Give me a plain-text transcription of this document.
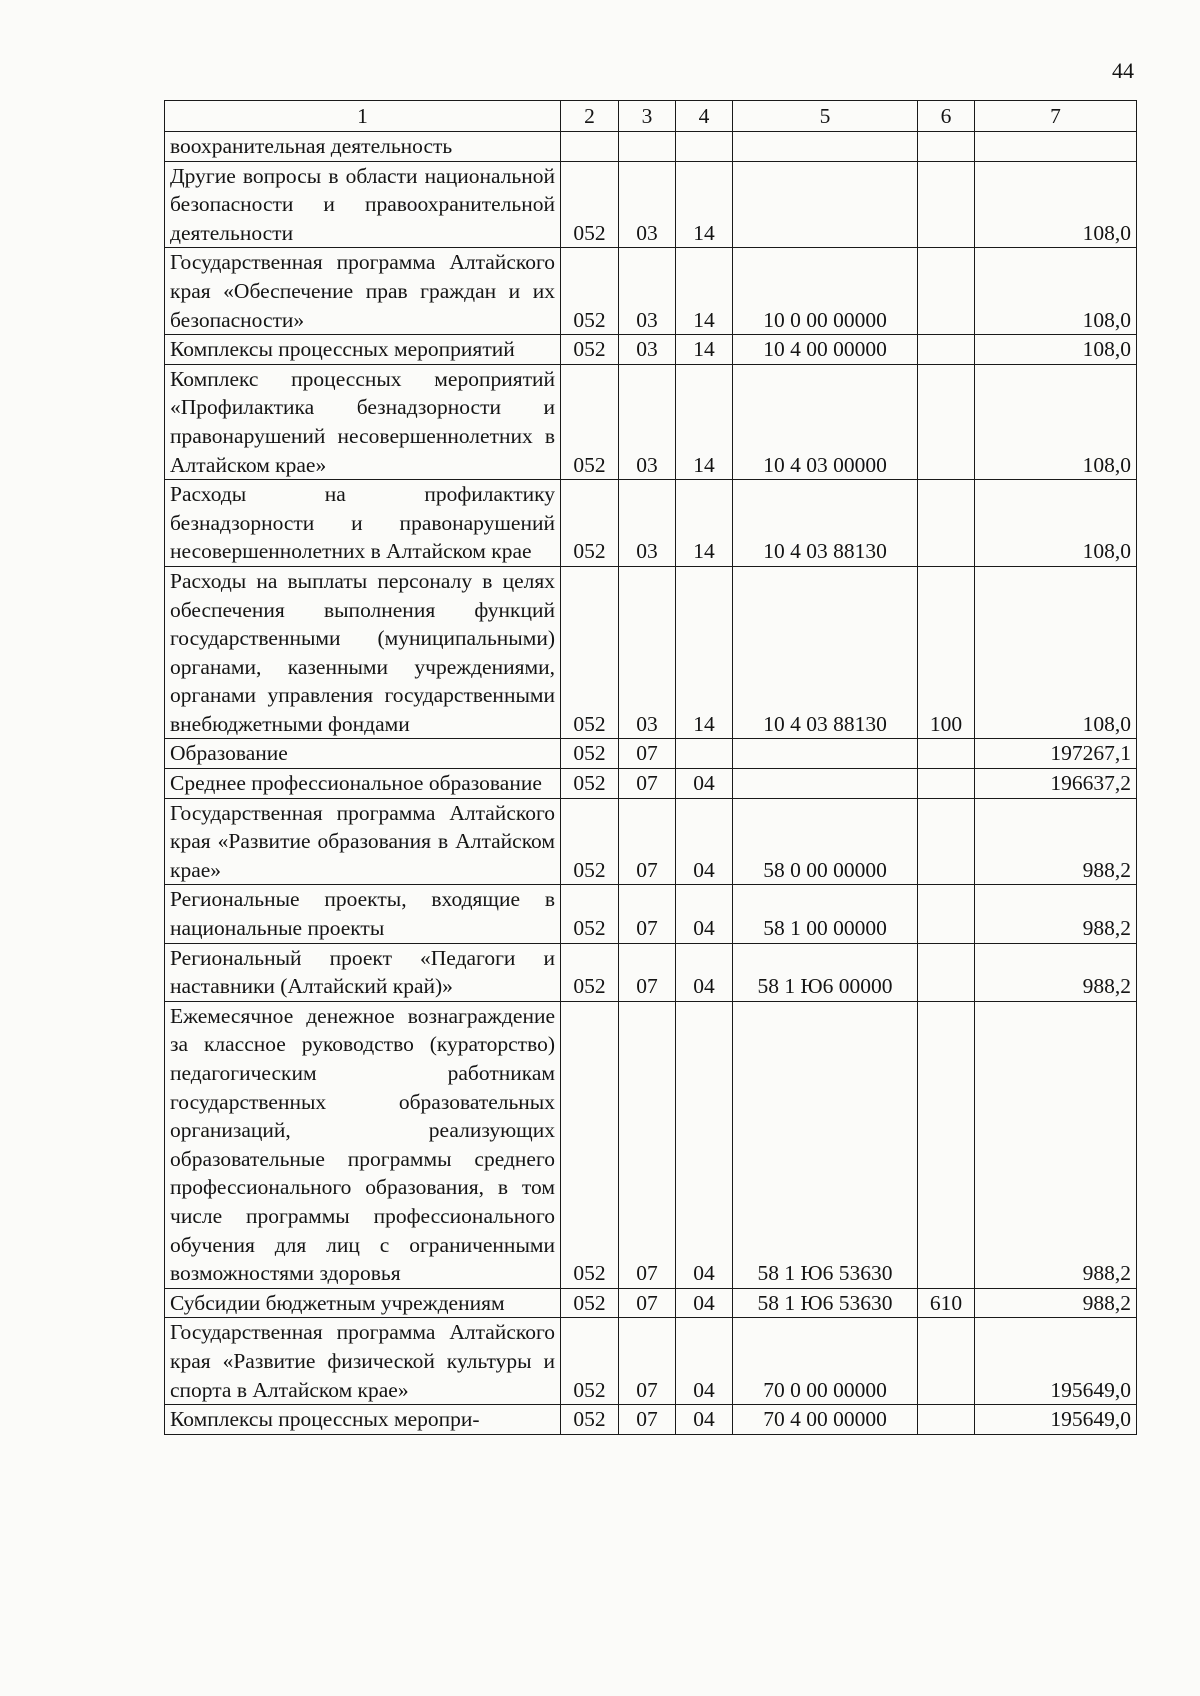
44
1	2	3	4	5	6	7
воохранительная деятельность						
Другие вопросы в области национальной безопасности и правоохранительной деятельности	052	03	14			108,0
Государственная программа Алтайского края «Обеспечение прав граждан и их безопасности»	052	03	14	10 0 00 00000		108,0
Комплексы процессных мероприятий	052	03	14	10 4 00 00000		108,0
Комплекс процессных мероприятий «Профилактика безнадзорности и правонарушений несовершеннолетних в Алтайском крае»	052	03	14	10 4 03 00000		108,0
Расходы на профилактику безнадзорности и правонарушений несовершеннолетних в Алтайском крае	052	03	14	10 4 03 88130		108,0
Расходы на выплаты персоналу в целях обеспечения выполнения функций государственными (муниципальными) органами, казенными учреждениями, органами управления государственными внебюджетными фондами	052	03	14	10 4 03 88130	100	108,0
Образование	052	07				197267,1
Среднее профессиональное образование	052	07	04			196637,2
Государственная программа Алтайского края «Развитие образования в Алтайском крае»	052	07	04	58 0 00 00000		988,2
Региональные проекты, входящие в национальные проекты	052	07	04	58 1 00 00000		988,2
Региональный проект «Педагоги и наставники (Алтайский край)»	052	07	04	58 1 Ю6 00000		988,2
Ежемесячное денежное вознаграждение за классное руководство (кураторство) педагогическим работникам государственных образовательных организаций, реализующих образовательные программы среднего профессионального образования, в том числе программы профессионального обучения для лиц с ограниченными возможностями здоровья	052	07	04	58 1 Ю6 53630		988,2
Субсидии бюджетным учреждениям	052	07	04	58 1 Ю6 53630	610	988,2
Государственная программа Алтайского края «Развитие физической культуры и спорта в Алтайском крае»	052	07	04	70 0 00 00000		195649,0
Комплексы процессных меропри-	052	07	04	70 4 00 00000		195649,0
